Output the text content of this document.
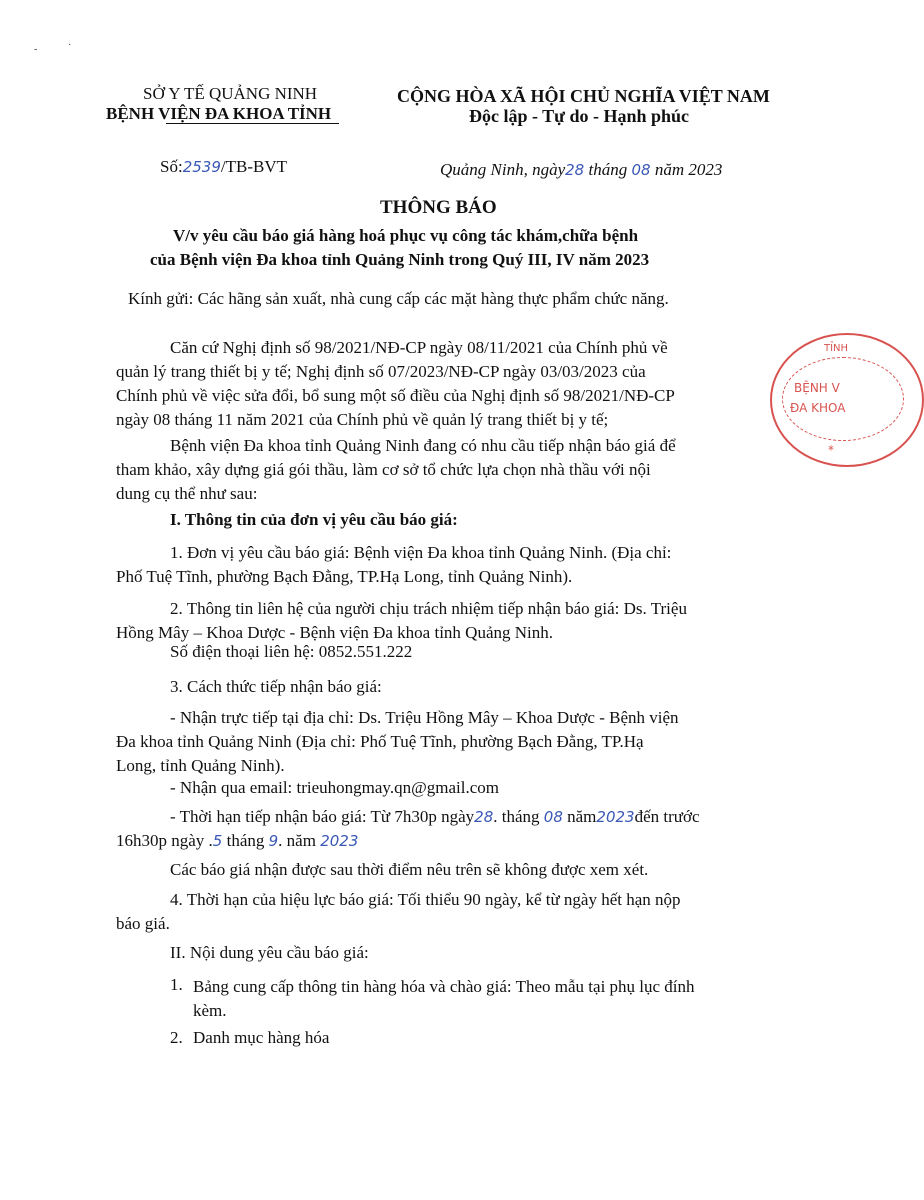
-	·
SỞ Y TẾ QUẢNG NINH
BỆNH VIỆN ĐA KHOA TỈNH
CỘNG HÒA XÃ HỘI CHỦ NGHĨA VIỆT NAM
Độc lập - Tự do - Hạnh phúc
Số:2539/TB-BVT	Quảng Ninh, ngày28 tháng 08 năm 2023
THÔNG BÁO
V/v yêu cầu báo giá hàng hoá phục vụ công tác khám,chữa bệnh
của Bệnh viện Đa khoa tỉnh Quảng Ninh trong Quý III, IV năm 2023
Kính gửi: Các hãng sản xuất, nhà cung cấp các mặt hàng thực phẩm chức năng.
Căn cứ Nghị định số 98/2021/NĐ-CP ngày 08/11/2021 của Chính phủ về
quản lý trang thiết bị y tế; Nghị định số 07/2023/NĐ-CP ngày 03/03/2023 của
Chính phủ về việc sửa đổi, bổ sung một số điều của Nghị định số 98/2021/NĐ-CP
ngày 08 tháng 11 năm 2021 của Chính phủ về quản lý trang thiết bị y tế;
Bệnh viện Đa khoa tỉnh Quảng Ninh đang có nhu cầu tiếp nhận báo giá để
tham khảo, xây dựng giá gói thầu, làm cơ sở tổ chức lựa chọn nhà thầu với nội
dung cụ thể như sau:
I. Thông tin của đơn vị yêu cầu báo giá:
1. Đơn vị yêu cầu báo giá: Bệnh viện Đa khoa tỉnh Quảng Ninh. (Địa chỉ:
Phố Tuệ Tĩnh, phường Bạch Đằng, TP.Hạ Long, tỉnh Quảng Ninh).
2. Thông tin liên hệ của người chịu trách nhiệm tiếp nhận báo giá: Ds. Triệu
Hồng Mây – Khoa Dược - Bệnh viện Đa khoa tỉnh Quảng Ninh.
Số điện thoại liên hệ: 0852.551.222
3. Cách thức tiếp nhận báo giá:
- Nhận trực tiếp tại địa chỉ: Ds. Triệu Hồng Mây – Khoa Dược - Bệnh viện
Đa khoa tỉnh Quảng Ninh (Địa chỉ: Phố Tuệ Tĩnh, phường Bạch Đằng, TP.Hạ
Long, tỉnh Quảng Ninh).
- Nhận qua email: trieuhongmay.qn@gmail.com
- Thời hạn tiếp nhận báo giá: Từ 7h30p ngày28. tháng 08 năm2023đến trước
16h30p ngày .5 tháng 9. năm 2023
Các báo giá nhận được sau thời điểm nêu trên sẽ không được xem xét.
4. Thời hạn của hiệu lực báo giá: Tối thiểu 90 ngày, kể từ ngày hết hạn nộp
báo giá.
II. Nội dung yêu cầu báo giá:
1. Bảng cung cấp thông tin hàng hóa và chào giá: Theo mẫu tại phụ lục đính
kèm.
2. Danh mục hàng hóa
TỈNH
BỆNH V
ĐA KHOA
*
